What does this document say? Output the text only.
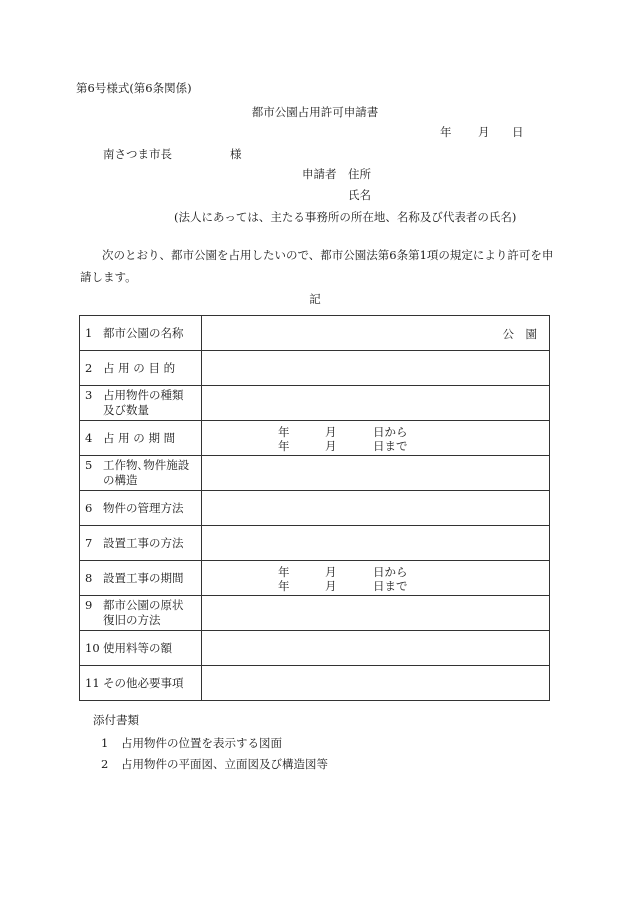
第6号様式(第6条関係)
都市公園占用許可申請書
年 月 日
南さつま市長	様
申請者 住所
氏名
(法人にあっては、主たる事務所の所在地、名称及び代表者の氏名)
次のとおり、都市公園を占用したいので、都市公園法第6条第1項の規定により許可を申請します。
記
1 都市公園の名称	公　園

2 占 用 の 目 的	
3 占用物件の種類
及び数量	

4 占 用 の 期 間	年 月 日から
年 月 日まで

5 工作物､物件施設
の構造	

6 物件の管理方法	
7 設置工事の方法	
8 設置工事の期間	年 月 日から
年 月 日まで

9 都市公園の原状
復旧の方法	

10 使用料等の額	
11 その他必要事項	
添付書類
1 占用物件の位置を表示する図面
2 占用物件の平面図、立面図及び構造図等
